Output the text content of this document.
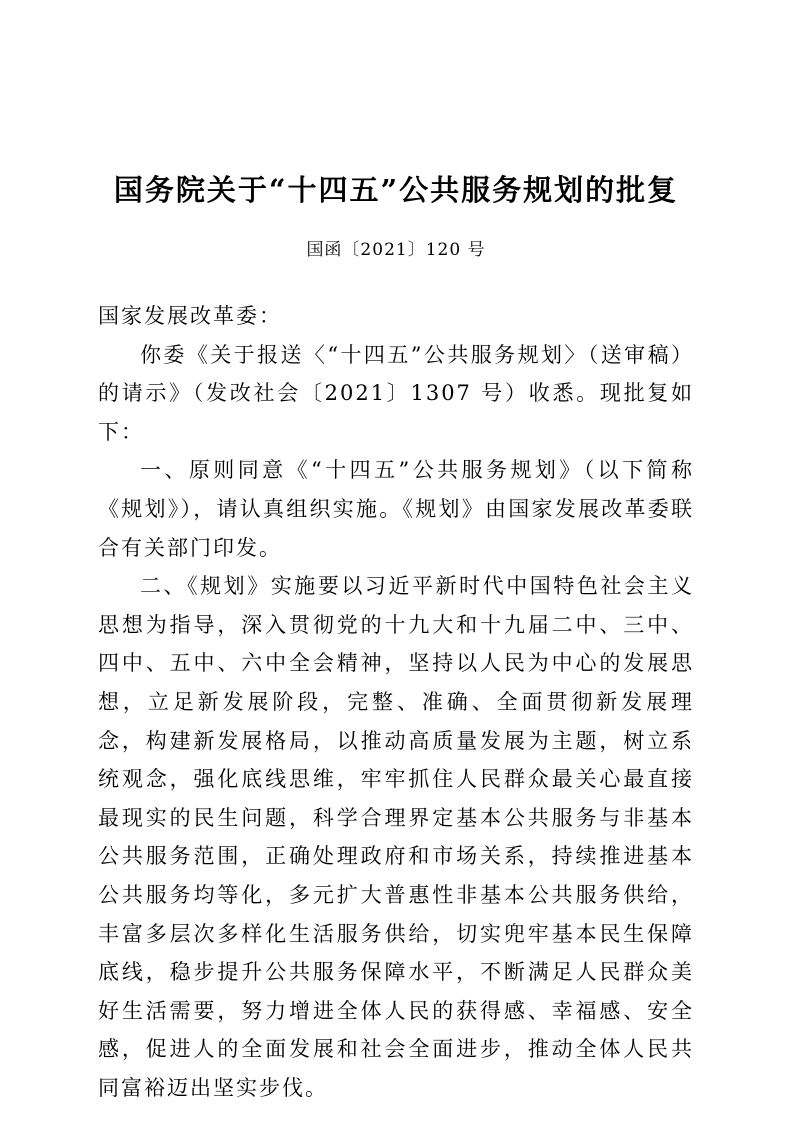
国务院关于“十四五”公共服务规划的批复
国函〔2021〕120 号

国家发展改革委：

你委《关于报送〈“十四五”公共服务规划〉（送审稿）的请示》（发改社会〔2021〕1307 号）收悉。现批复如下：

一、原则同意《“十四五”公共服务规划》（以下简称《规划》），请认真组织实施。《规划》由国家发展改革委联合有关部门印发。

二、《规划》实施要以习近平新时代中国特色社会主义思想为指导，深入贯彻党的十九大和十九届二中、三中、四中、五中、六中全会精神，坚持以人民为中心的发展思想，立足新发展阶段，完整、准确、全面贯彻新发展理念，构建新发展格局，以推动高质量发展为主题，树立系统观念，强化底线思维，牢牢抓住人民群众最关心最直接最现实的民生问题，科学合理界定基本公共服务与非基本公共服务范围，正确处理政府和市场关系，持续推进基本公共服务均等化，多元扩大普惠性非基本公共服务供给，丰富多层次多样化生活服务供给，切实兜牢基本民生保障底线，稳步提升公共服务保障水平，不断满足人民群众美好生活需要，努力增进全体人民的获得感、幸福感、安全感，促进人的全面发展和社会全面进步，推动全体人民共同富裕迈出坚实步伐。
